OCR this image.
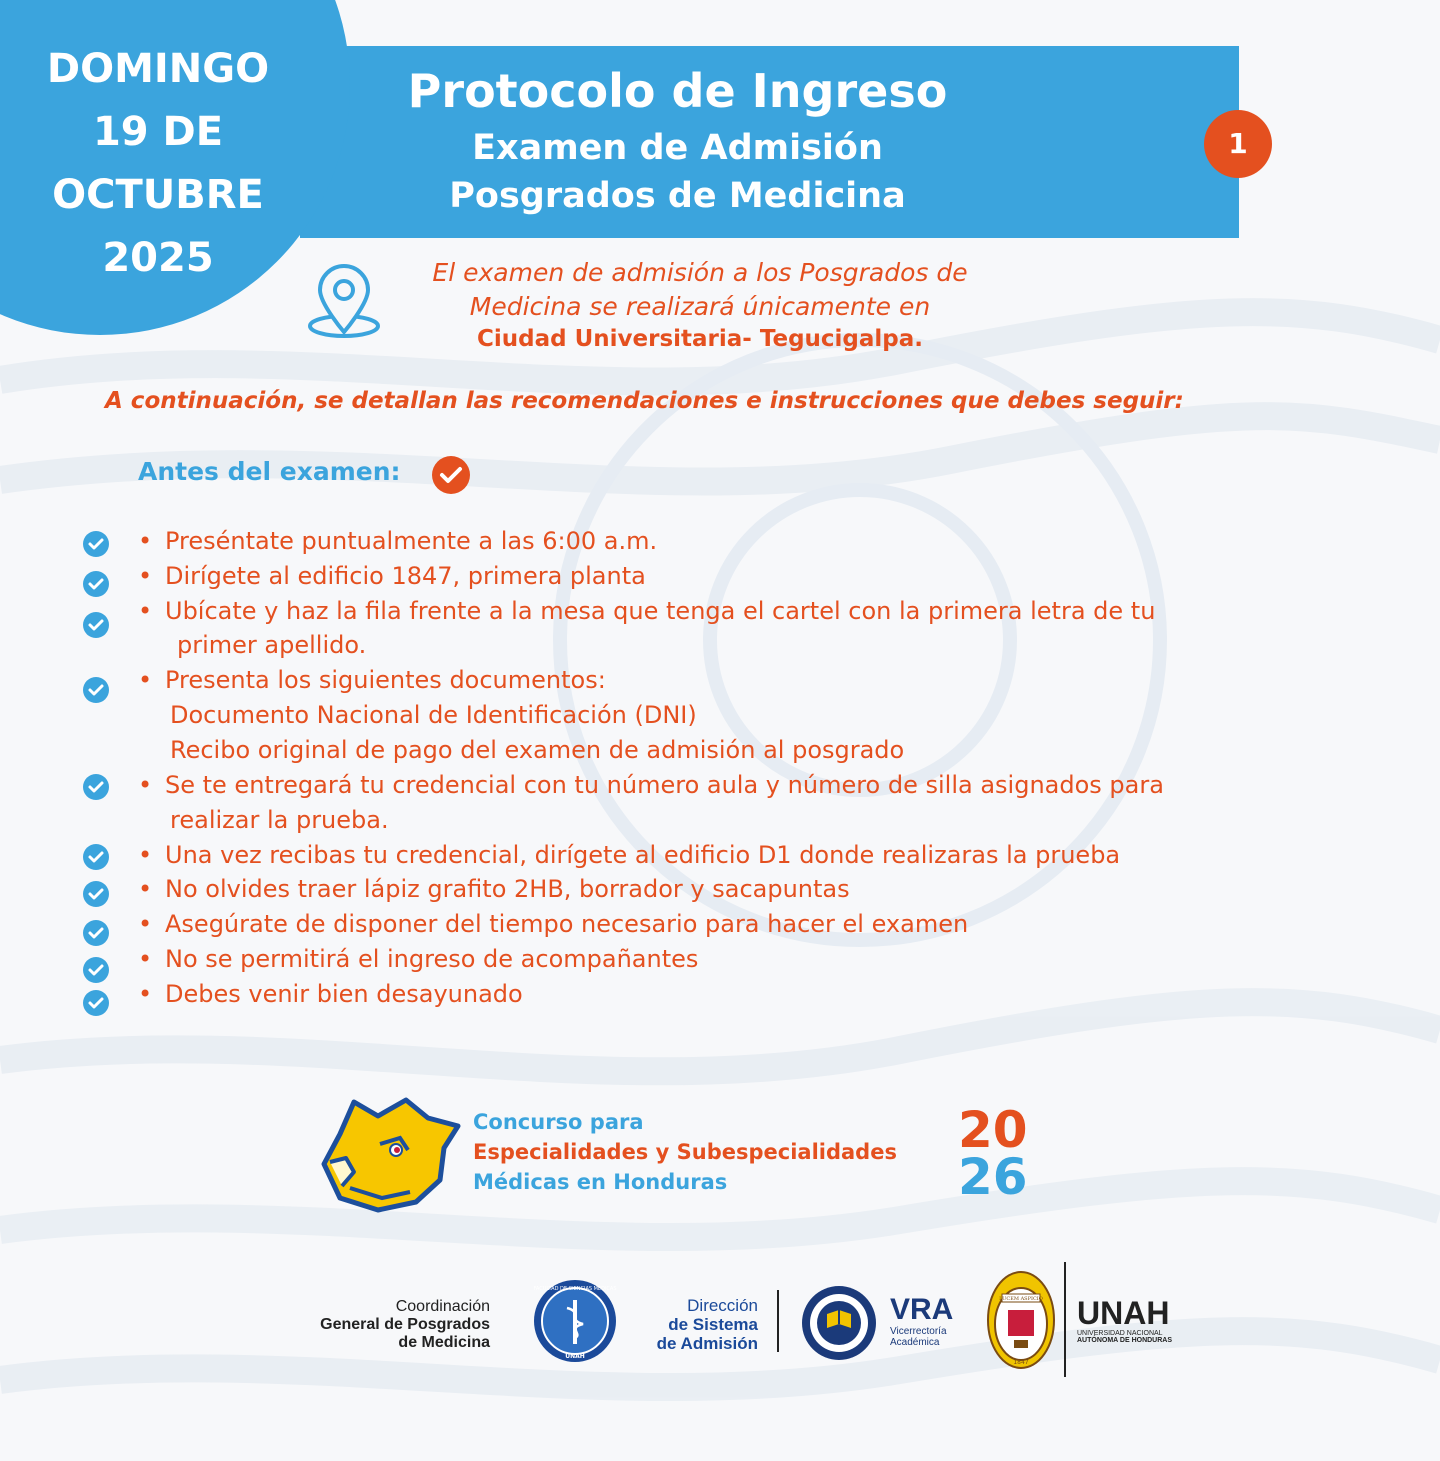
DOMINGO
19 DE
OCTUBRE
2025
Protocolo de Ingreso
Examen de Admisión
Posgrados de Medicina
1
El examen de admisión a los Posgrados de
Medicina se realizará únicamente en
Ciudad Universitaria- Tegucigalpa.
A continuación, se detallan las recomendaciones e instrucciones que debes seguir:
Antes del examen:
• Preséntate puntualmente a las 6:00 a.m.
• Dirígete al edificio 1847, primera planta
• Ubícate y haz la fila frente a la mesa que tenga el cartel con la primera letra de tu
primer apellido.
• Presenta los siguientes documentos:
Documento Nacional de Identificación (DNI)
Recibo original de pago del examen de admisión al posgrado
• Se te entregará tu credencial con tu número aula y número de silla asignados para
realizar la prueba.
• Una vez recibas tu credencial, dirígete al edificio D1 donde realizaras la prueba
• No olvides traer lápiz grafito 2HB, borrador y sacapuntas
• Asegúrate de disponer del tiempo necesario para hacer el examen
• No se permitirá el ingreso de acompañantes
• Debes venir bien desayunado
Concurso para
Especialidades y Subespecialidades
Médicas en Honduras
20
26
Coordinación
General de Posgrados
de Medicina
FACULTAD DE CIENCIAS MÉDICAS
UNAH
Dirección
de Sistema
de Admisión
VRA
Vicerrectoría
Académica
LUCEM ASPICIO
1847
UNAH
UNIVERSIDAD NACIONAL
AUTÓNOMA DE HONDURAS
